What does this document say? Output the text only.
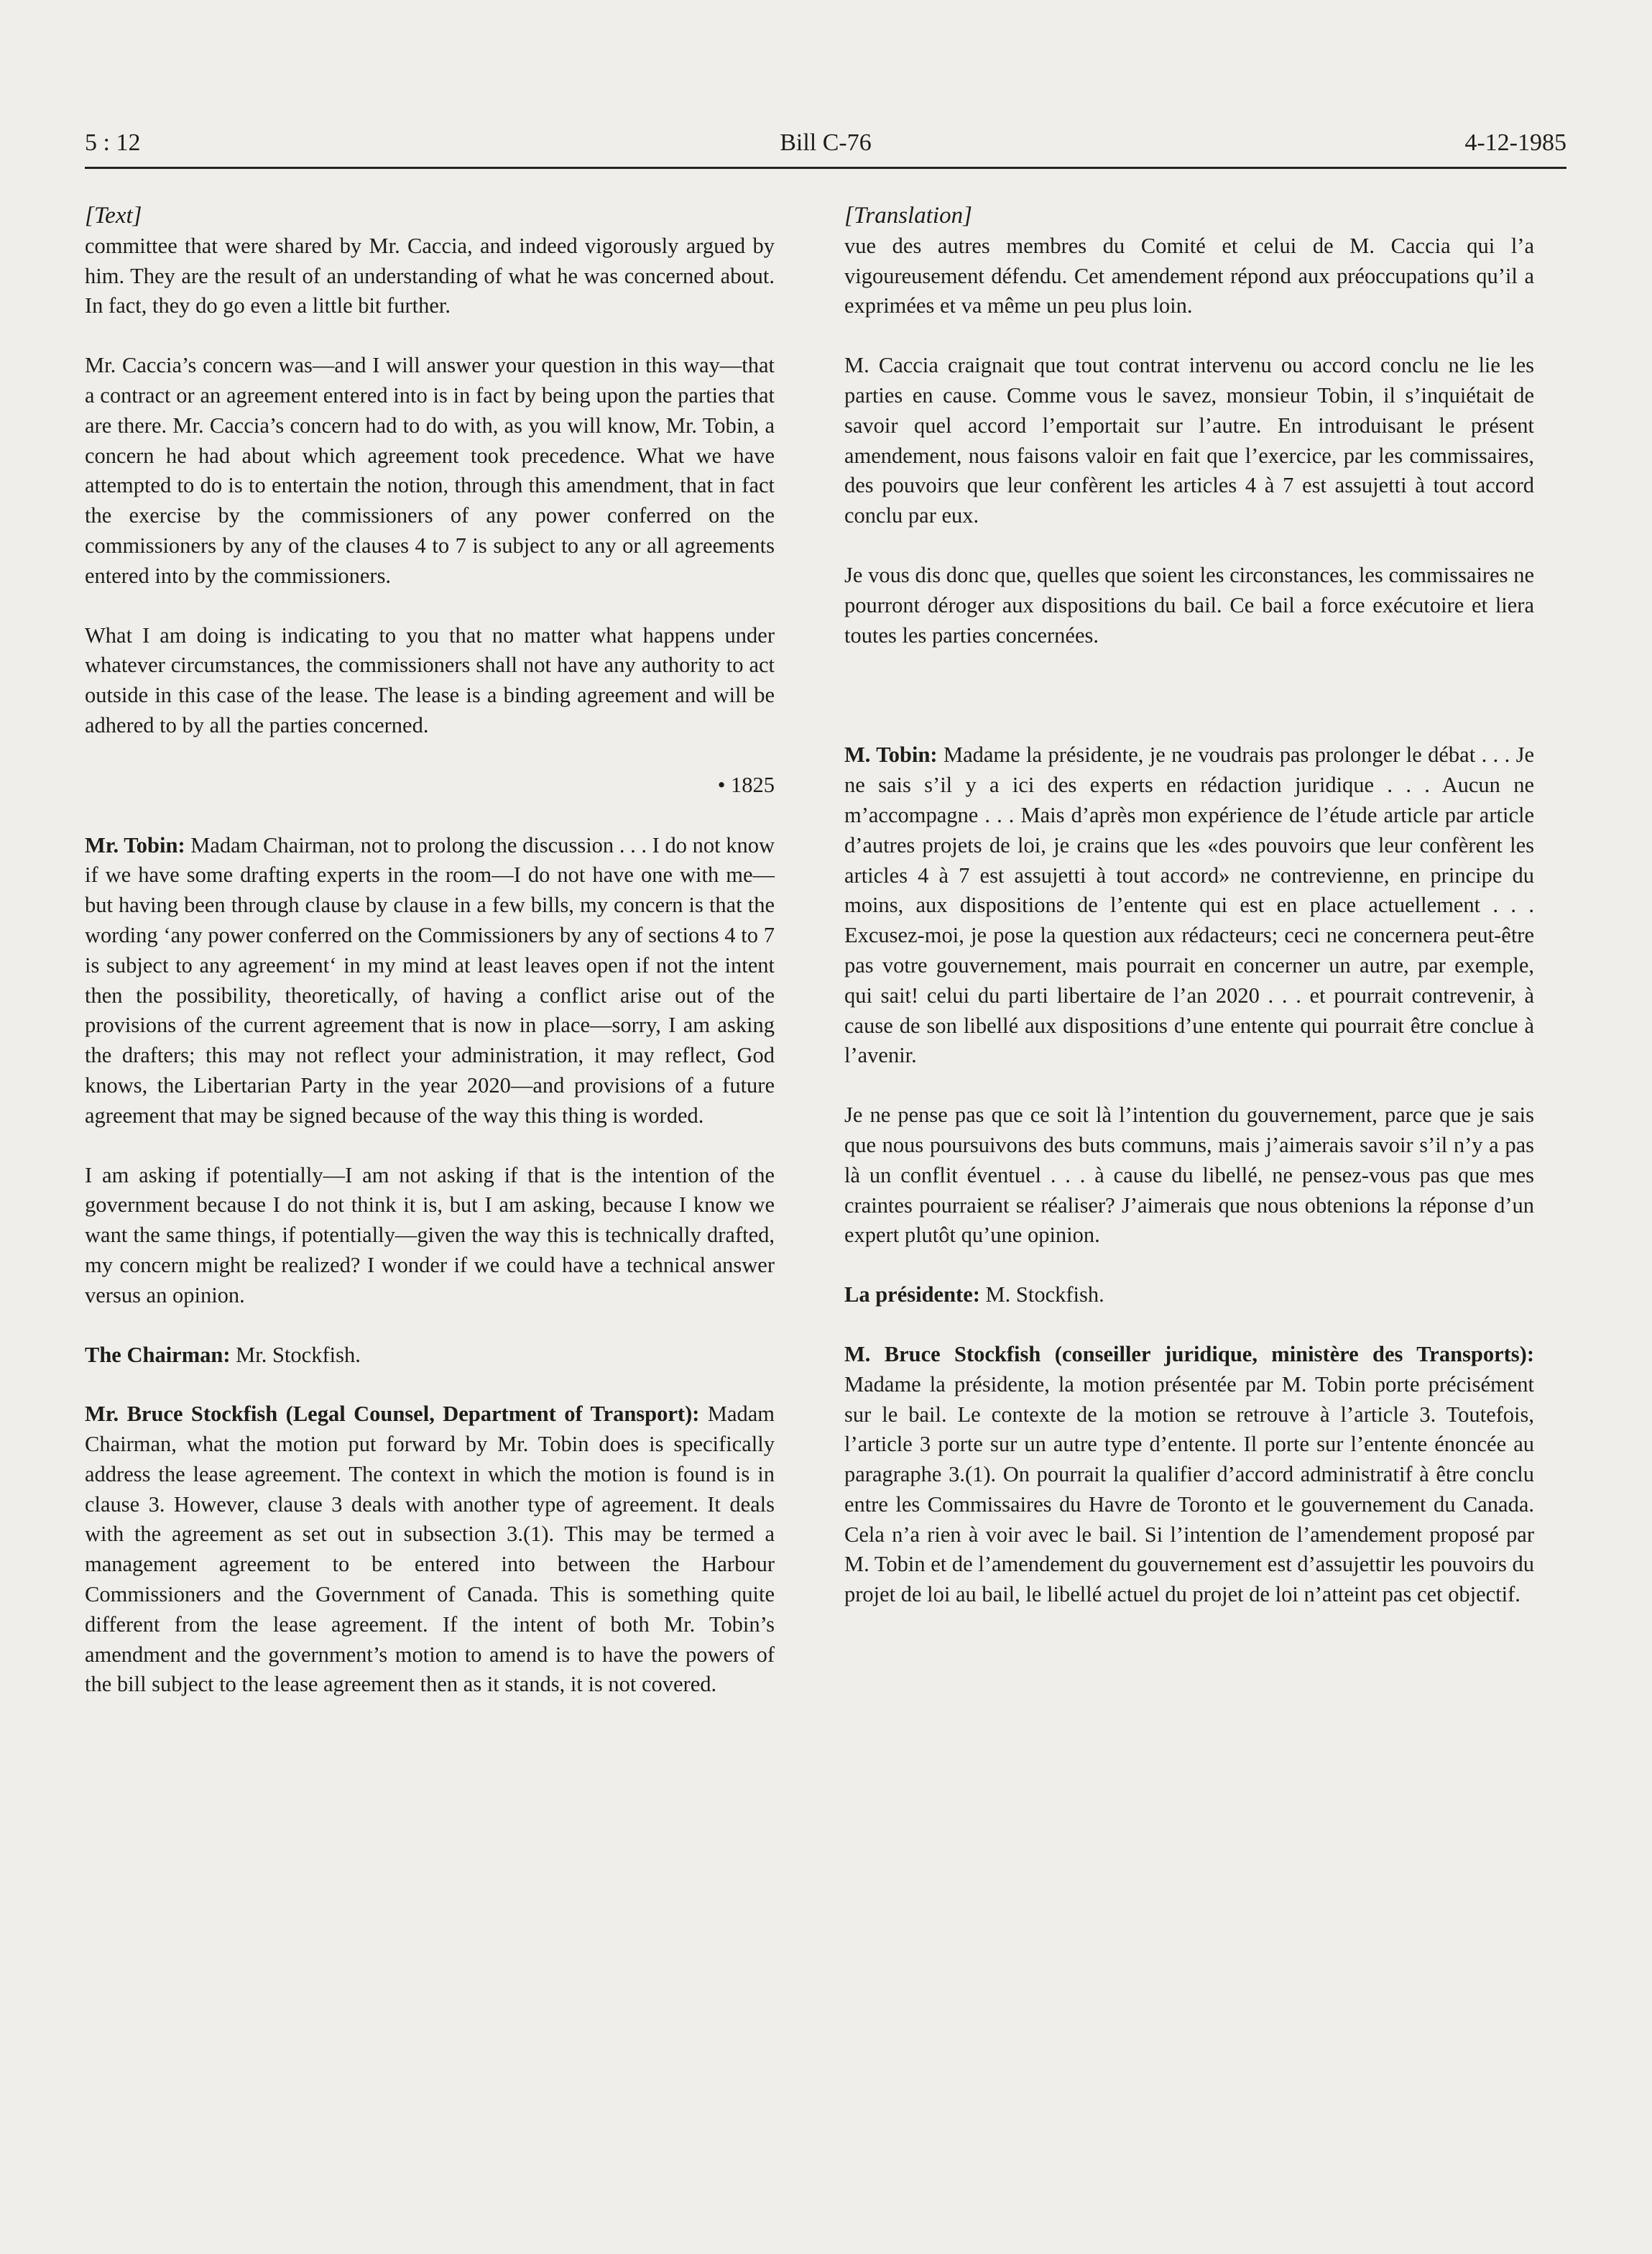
5 : 12	Bill C-76	4-12-1985
[Text]

committee that were shared by Mr. Caccia, and indeed vigorously argued by him. They are the result of an understanding of what he was concerned about. In fact, they do go even a little bit further.

Mr. Caccia’s concern was—and I will answer your question in this way—that a contract or an agreement entered into is in fact by being upon the parties that are there. Mr. Caccia’s concern had to do with, as you will know, Mr. Tobin, a concern he had about which agreement took precedence. What we have attempted to do is to entertain the notion, through this amendment, that in fact the exercise by the commissioners of any power conferred on the commissioners by any of the clauses 4 to 7 is subject to any or all agreements entered into by the commissioners.

What I am doing is indicating to you that no matter what happens under whatever circumstances, the commissioners shall not have any authority to act outside in this case of the lease. The lease is a binding agreement and will be adhered to by all the parties concerned.

• 1825

Mr. Tobin: Madam Chairman, not to prolong the discussion . . . I do not know if we have some drafting experts in the room—I do not have one with me—but having been through clause by clause in a few bills, my concern is that the wording ‘any power conferred on the Commissioners by any of sections 4 to 7 is subject to any agreement‘ in my mind at least leaves open if not the intent then the possibility, theoretically, of having a conflict arise out of the provisions of the current agreement that is now in place—sorry, I am asking the drafters; this may not reflect your administration, it may reflect, God knows, the Libertarian Party in the year 2020—and provisions of a future agreement that may be signed because of the way this thing is worded.

I am asking if potentially—I am not asking if that is the intention of the government because I do not think it is, but I am asking, because I know we want the same things, if potentially—given the way this is technically drafted, my concern might be realized? I wonder if we could have a technical answer versus an opinion.

The Chairman: Mr. Stockfish.

Mr. Bruce Stockfish (Legal Counsel, Department of Transport): Madam Chairman, what the motion put forward by Mr. Tobin does is specifically address the lease agreement. The context in which the motion is found is in clause 3. However, clause 3 deals with another type of agreement. It deals with the agreement as set out in subsection 3.(1). This may be termed a management agreement to be entered into between the Harbour Commissioners and the Government of Canada. This is something quite different from the lease agreement. If the intent of both Mr. Tobin’s amendment and the government’s motion to amend is to have the powers of the bill subject to the lease agreement then as it stands, it is not covered.

[Translation]

vue des autres membres du Comité et celui de M. Caccia qui l’a vigoureusement défendu. Cet amendement répond aux préoccupations qu’il a exprimées et va même un peu plus loin.

M. Caccia craignait que tout contrat intervenu ou accord conclu ne lie les parties en cause. Comme vous le savez, monsieur Tobin, il s’inquiétait de savoir quel accord l’emportait sur l’autre. En introduisant le présent amendement, nous faisons valoir en fait que l’exercice, par les commissaires, des pouvoirs que leur confèrent les articles 4 à 7 est assujetti à tout accord conclu par eux.

Je vous dis donc que, quelles que soient les circonstances, les commissaires ne pourront déroger aux dispositions du bail. Ce bail a force exécutoire et liera toutes les parties concernées.

M. Tobin: Madame la présidente, je ne voudrais pas prolonger le débat . . . Je ne sais s’il y a ici des experts en rédaction juridique . . . Aucun ne m’accompagne . . . Mais d’après mon expérience de l’étude article par article d’autres projets de loi, je crains que les «des pouvoirs que leur confèrent les articles 4 à 7 est assujetti à tout accord» ne contrevienne, en principe du moins, aux dispositions de l’entente qui est en place actuellement . . . Excusez-moi, je pose la question aux rédacteurs; ceci ne concernera peut-être pas votre gouvernement, mais pourrait en concerner un autre, par exemple, qui sait! celui du parti libertaire de l’an 2020 . . . et pourrait contrevenir, à cause de son libellé aux dispositions d’une entente qui pourrait être conclue à l’avenir.

Je ne pense pas que ce soit là l’intention du gouvernement, parce que je sais que nous poursuivons des buts communs, mais j’aimerais savoir s’il n’y a pas là un conflit éventuel . . . à cause du libellé, ne pensez-vous pas que mes craintes pourraient se réaliser? J’aimerais que nous obtenions la réponse d’un expert plutôt qu’une opinion.

La présidente: M. Stockfish.

M. Bruce Stockfish (conseiller juridique, ministère des Transports): Madame la présidente, la motion présentée par M. Tobin porte précisément sur le bail. Le contexte de la motion se retrouve à l’article 3. Toutefois, l’article 3 porte sur un autre type d’entente. Il porte sur l’entente énoncée au paragraphe 3.(1). On pourrait la qualifier d’accord administratif à être conclu entre les Commissaires du Havre de Toronto et le gouvernement du Canada. Cela n’a rien à voir avec le bail. Si l’intention de l’amendement proposé par M. Tobin et de l’amendement du gouvernement est d’assujettir les pouvoirs du projet de loi au bail, le libellé actuel du projet de loi n’atteint pas cet objectif.
